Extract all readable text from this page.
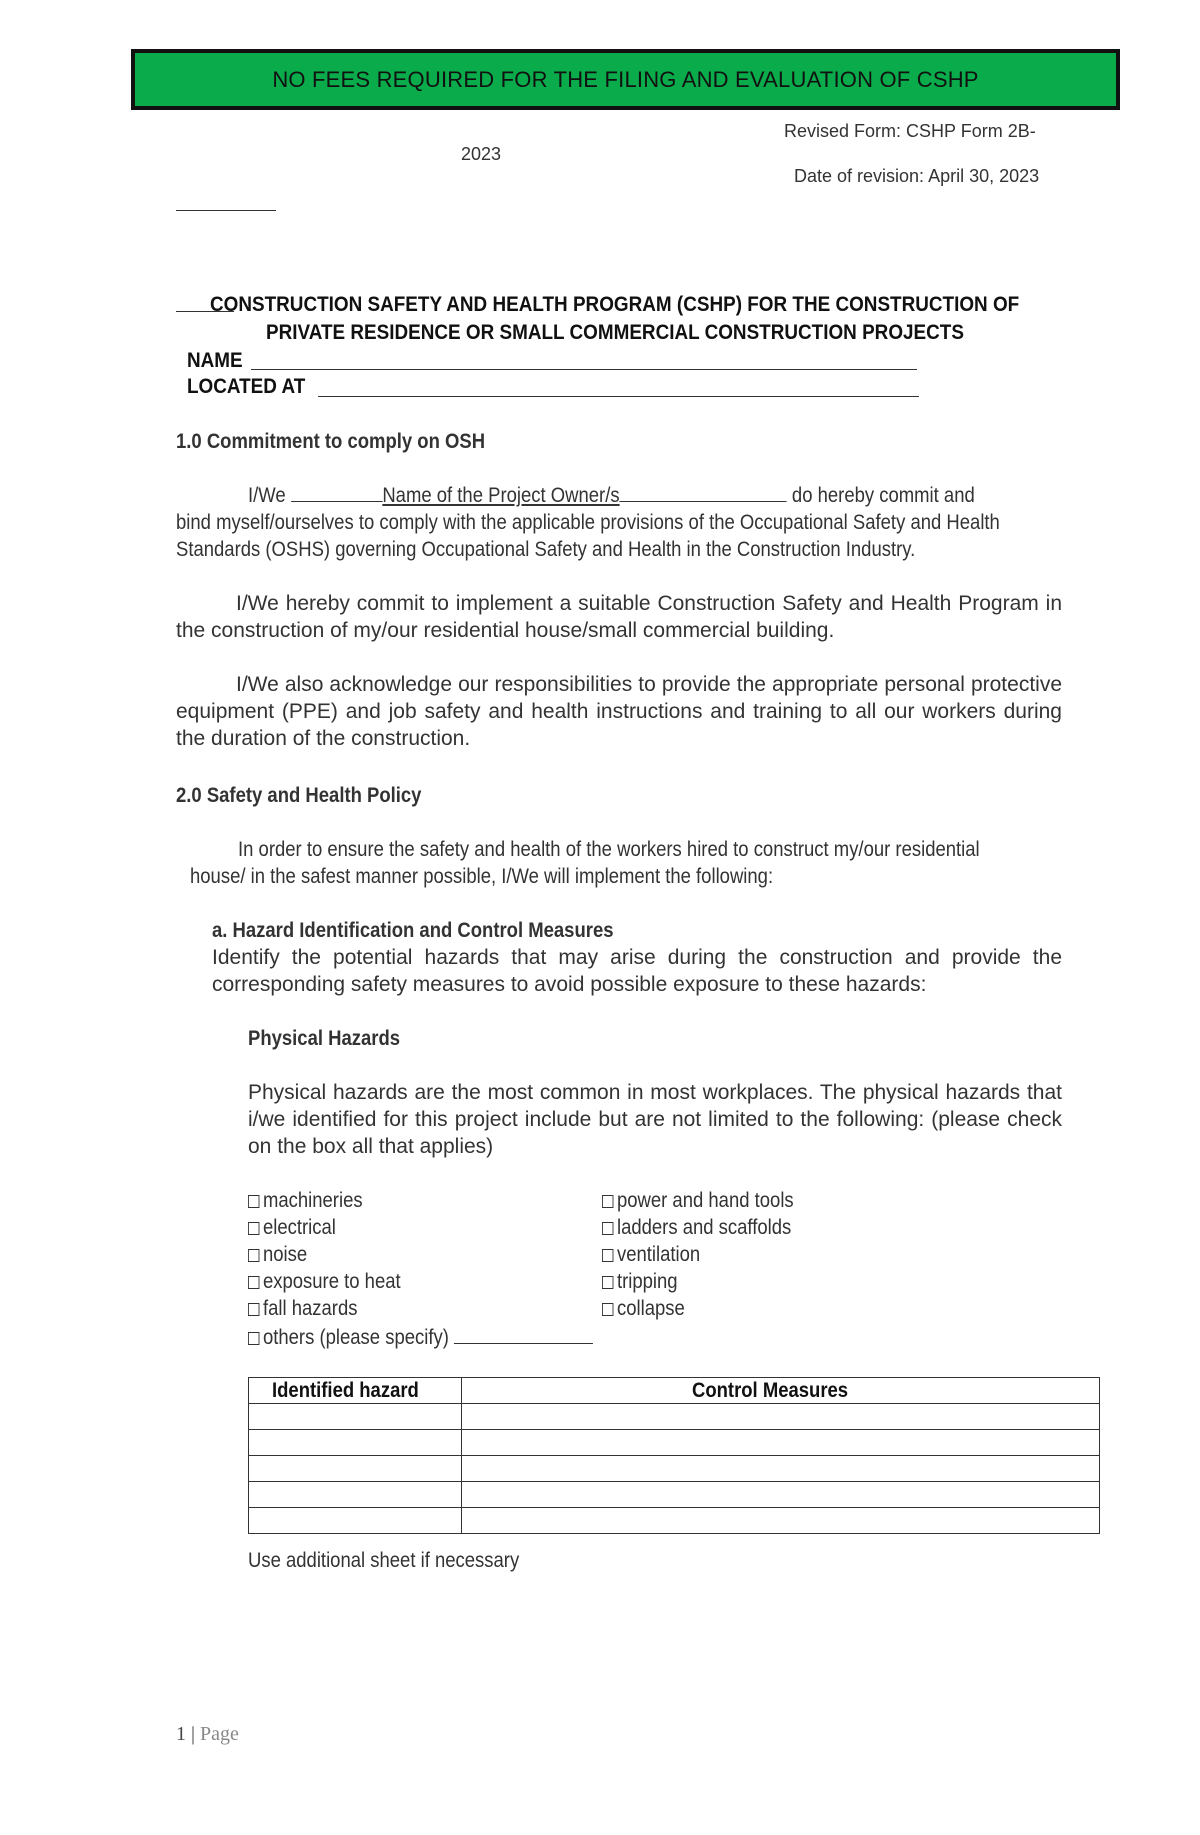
NO FEES REQUIRED FOR THE FILING AND EVALUATION OF CSHP
Revised Form: CSHP Form 2B-
2023
Date of revision: April 30, 2023
CONSTRUCTION SAFETY AND HEALTH PROGRAM (CSHP) FOR THE CONSTRUCTION OF
PRIVATE RESIDENCE OR SMALL COMMERCIAL CONSTRUCTION PROJECTS
NAME
LOCATED AT
1.0 Commitment to comply on OSH
I/We	Name of the Project Owner/s	do hereby commit and
bind myself/ourselves to comply with the applicable provisions of the Occupational Safety and Health
Standards (OSHS) governing Occupational Safety and Health in the Construction Industry.
I/We hereby commit to implement a suitable Construction Safety and Health Program in the construction of my/our residential house/small commercial building.
I/We also acknowledge our responsibilities to provide the appropriate personal protective equipment (PPE) and job safety and health instructions and training to all our workers during the duration of the construction.
2.0 Safety and Health Policy
In order to ensure the safety and health of the workers hired to construct my/our residential
house/ in the safest manner possible, I/We will implement the following:
a. Hazard Identification and Control Measures
Identify the potential hazards that may arise during the construction and provide the corresponding safety measures to avoid possible exposure to these hazards:
Physical Hazards
Physical hazards are the most common in most workplaces. The physical hazards that i/we identified for this project include but are not limited to the following: (please check on the box all that applies)
machineries
electrical
noise
exposure to heat
fall hazards
power and hand tools
ladders and scaffolds
ventilation
tripping
collapse
others (please specify)
Identified hazard	Control Measures

Use additional sheet if necessary
1 | Page
